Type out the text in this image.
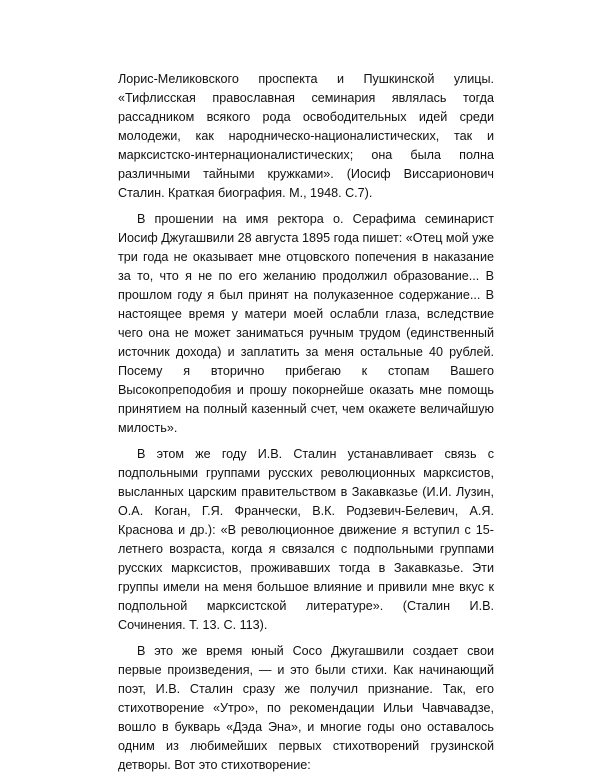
Лорис-Меликовского проспекта и Пушкинской улицы. «Тифлисская православная семинария являлась тогда рассадником всякого рода освободительных идей среди молодежи, как народническо-националистических, так и марксистско-интернационалистических; она была полна различными тайными кружками». (Иосиф Виссарионович Сталин. Краткая биография. М., 1948. С.7).

В прошении на имя ректора о. Серафима семинарист Иосиф Джугашвили 28 августа 1895 года пишет: «Отец мой уже три года не оказывает мне отцовского попечения в наказание за то, что я не по его желанию продолжил образование... В прошлом году я был принят на полуказенное содержание... В настоящее время у матери моей ослабли глаза, вследствие чего она не может заниматься ручным трудом (единственный источник дохода) и заплатить за меня остальные 40 рублей. Посему я вторично прибегаю к стопам Вашего Высокопреподобия и прошу покорнейше оказать мне помощь принятием на полный казенный счет, чем окажете величайшую милость».

В этом же году И.В. Сталин устанавливает связь с подпольными группами русских революционных марксистов, высланных царским правительством в Закавказье (И.И. Лузин, О.А. Коган, Г.Я. Франчески, В.К. Родзевич-Белевич, А.Я. Краснова и др.): «В революционное движение я вступил с 15-летнего возраста, когда я связался с подпольными группами русских марксистов, проживавших тогда в Закавказье. Эти группы имели на меня большое влияние и привили мне вкус к подпольной марксистской литературе». (Сталин И.В. Сочинения. Т. 13. С. 113).

В это же время юный Сосо Джугашвили создает свои первые произведения, — и это были стихи. Как начинающий поэт, И.В. Сталин сразу же получил признание. Так, его стихотворение «Утро», по рекомендации Ильи Чавчавадзе, вошло в букварь «Дэда Эна», и многие годы оно оставалось одним из любимейших первых стихотворений грузинской детворы. Вот это стихотворение:
